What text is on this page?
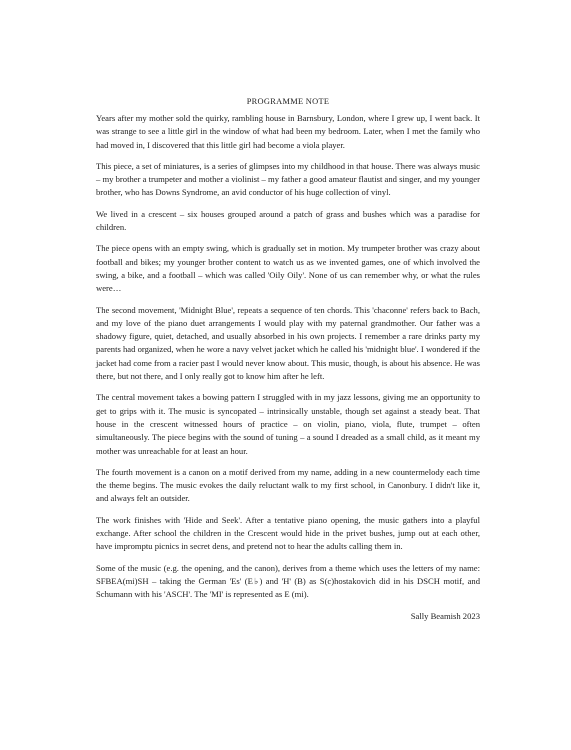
PROGRAMME NOTE

Years after my mother sold the quirky, rambling house in Barnsbury, London, where I grew up, I went back. It was strange to see a little girl in the window of what had been my bedroom. Later, when I met the family who had moved in, I discovered that this little girl had become a viola player.

This piece, a set of miniatures, is a series of glimpses into my childhood in that house. There was always music – my brother a trumpeter and mother a violinist – my father a good amateur flautist and singer, and my younger brother, who has Downs Syndrome, an avid conductor of his huge collection of vinyl.

We lived in a crescent – six houses grouped around a patch of grass and bushes which was a paradise for children.

The piece opens with an empty swing, which is gradually set in motion. My trumpeter brother was crazy about football and bikes; my younger brother content to watch us as we invented games, one of which involved the swing, a bike, and a football – which was called 'Oily Oily'. None of us can remember why, or what the rules were…

The second movement, 'Midnight Blue', repeats a sequence of ten chords. This 'chaconne' refers back to Bach, and my love of the piano duet arrangements I would play with my paternal grandmother. Our father was a shadowy figure, quiet, detached, and usually absorbed in his own projects. I remember a rare drinks party my parents had organized, when he wore a navy velvet jacket which he called his 'midnight blue'. I wondered if the jacket had come from a racier past I would never know about. This music, though, is about his absence. He was there, but not there, and I only really got to know him after he left.

The central movement takes a bowing pattern I struggled with in my jazz lessons, giving me an opportunity to get to grips with it. The music is syncopated – intrinsically unstable, though set against a steady beat. That house in the crescent witnessed hours of practice – on violin, piano, viola, flute, trumpet – often simultaneously. The piece begins with the sound of tuning – a sound I dreaded as a small child, as it meant my mother was unreachable for at least an hour.

The fourth movement is a canon on a motif derived from my name, adding in a new countermelody each time the theme begins. The music evokes the daily reluctant walk to my first school, in Canonbury. I didn't like it, and always felt an outsider.

The work finishes with 'Hide and Seek'. After a tentative piano opening, the music gathers into a playful exchange. After school the children in the Crescent would hide in the privet bushes, jump out at each other, have impromptu picnics in secret dens, and pretend not to hear the adults calling them in.

Some of the music (e.g. the opening, and the canon), derives from a theme which uses the letters of my name: SFBEA(mi)SH – taking the German 'Es' (E♭) and 'H' (B) as S(c)hostakovich did in his DSCH motif, and Schumann with his 'ASCH'. The 'MI' is represented as E (mi).

Sally Beamish 2023
